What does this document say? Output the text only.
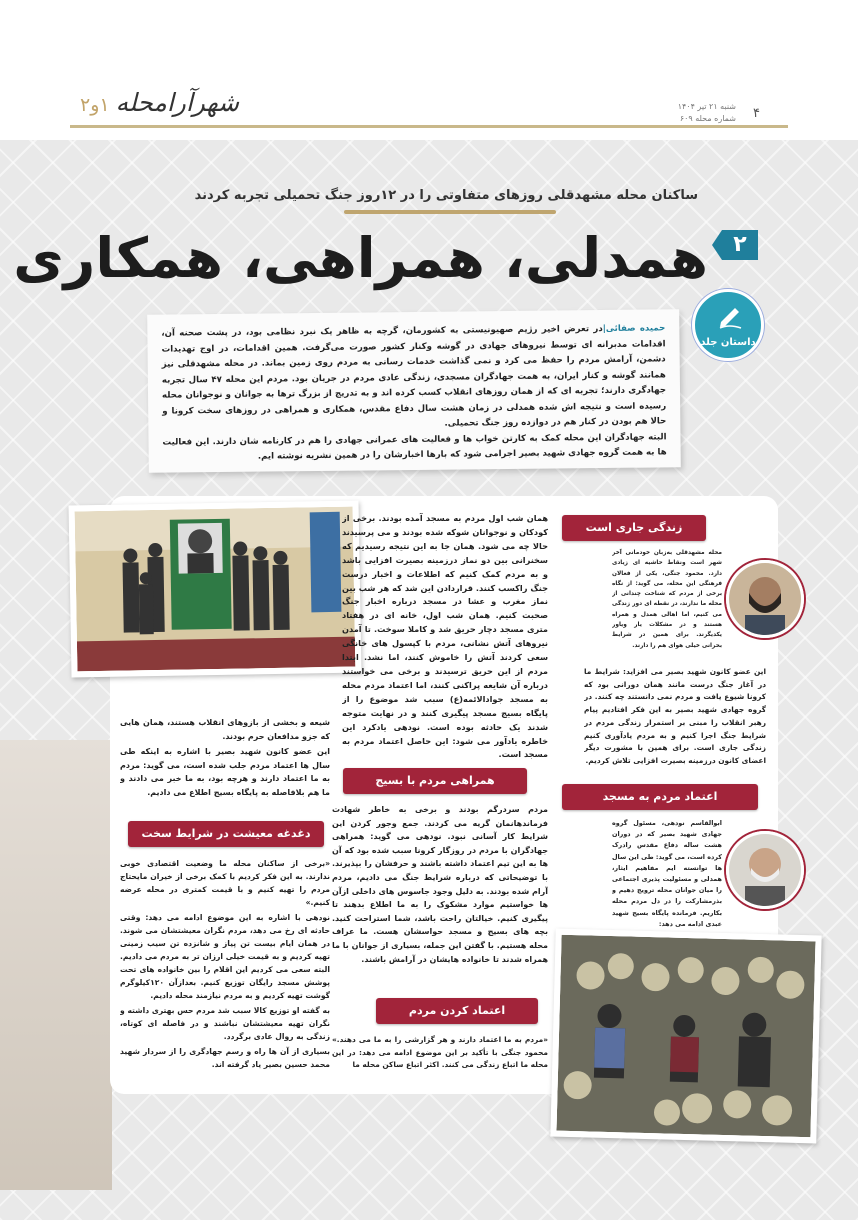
شهرآرامحله۱و۲	شنبه ۲۱ تیر ۱۴۰۴
شماره محله ۶۰۹ ۴
ساکنان محله مشهدقلی روزهای متفاوتی را در ۱۲روز جنگ تحمیلی تجربه کردند
۲
همدلی، همراهی، همکاری
داستان جلد

حمیده صفائی|در تعرض اخیر رژیم صهیونیستی به کشورمان، گرچه به ظاهر یک نبرد نظامی بود، در پشت صحنه آن، اقدامات مدبرانه ای توسط نیروهای جهادی در گوشه وکنار کشور صورت می‌گرفت. همین اقدامات، در اوج تهدیدات دشمن، آرامش مردم را حفظ می کرد و نمی گذاشت خدمات رسانی به مردم روی زمین بماند. در محله مشهدقلی نیز همانند گوشه و کنار ایران، به همت جهادگران مسجدی، زندگی عادی مردم در جریان بود. مردم این محله ۴۷ سال تجربه جهادگری دارند؛ تجربه ای که از همان روزهای انقلاب کسب کرده اند و به تدریج از بزرگ ترها به جوانان و نوجوانان محله رسیده است و نتیجه اش شده همدلی در زمان هشت سال دفاع مقدس، همکاری و همراهی در روزهای سخت کرونا و حالا هم بودن در کنار هم در دوازده روز جنگ تحمیلی.

البته جهادگران این محله کمک به کارتن خواب ها و فعالیت های عمرانی جهادی را هم در کارنامه شان دارند. این فعالیت ها به همت گروه جهادی شهید بصیر اجرامی شود که بارها اخبارشان را در همین نشریه نوشته ایم.

زندگی جاری است

محله مشهدقلی به‌زبان خودمانی آخر شهر است ونقاط حاشیه ای زیادی دارد. محمود جنگی، یکی از فعالان فرهنگی این محله، می گوید: از نگاه برخی از مردم که شناخت چندانی از محله ما ندارند، در نقطه ای دور زندگی می کنیم، اما اهالی همدل و همراه هستند و در مشکلات یار ویاور یکدیگرند. برای همین در شرایط بحرانی خیلی هوای هم را دارند.

این عضو کانون شهید بصیر می افزاید: شرایط ما در آغاز جنگ درست مانند همان دورانی بود که کرونا شیوع یافت و مردم نمی دانستند چه کنند. در گروه جهادی شهید بصیر به این فکر افتادیم پیام رهبر انقلاب را مبنی بر استمرار زندگی مردم در شرایط جنگ اجرا کنیم و به مردم یادآوری کنیم زندگی جاری است. برای همین با مشورت دیگر اعضای کانون درزمینه بصیرت افزایی تلاش کردیم.

اعتماد مردم به مسجد

ابوالقاسم نودهی، مسئول گروه جهادی شهید بصیر که در دوران هشت ساله دفاع مقدس رادرک کرده است، می گوید: طی این سال ها توانسته ایم مفاهیم ایثار، همدلی و مسئولیت پذیری اجتماعی را میان جوانان محله ترویج دهیم و بذرمشارکت را در دل مردم محله بکاریم. فرمانده پایگاه بسیج شهید عبدی ادامه می دهد:

همان شب اول مردم به مسجد آمده بودند. برخی از کودکان و نوجوانان شوکه شده بودند و می پرسیدند حالا چه می شود. همان جا به این نتیجه رسیدیم که سخنرانی بین دو نماز درزمینه بصیرت افزایی باشد و به مردم کمک کنیم که اطلاعات و اخبار درست جنگ راکسب کنند. قراردادن این شد که هر شب بین نماز مغرب و عشا در مسجد درباره اخبار جنگ صحبت کنیم. همان شب اول، خانه ای در هفتاد متری مسجد دچار حریق شد و کاملا سوخت. تا آمدن نیروهای آتش نشانی، مردم با کپسول های خانگی سعی کردند آتش را خاموش کنند، اما نشد. ابتدا مردم از این حریق ترسیدند و برخی می خواستند درباره آن شایعه پراکنی کنند، اما اعتماد مردم محله به مسجد جوادالائمه(ع) سبب شد موضوع را از پایگاه بسیج مسجد پیگیری کنند و در نهایت متوجه شدند یک حادثه بوده است. نودهی یادکرد این خاطره یادآور می شود: این حاصل اعتماد مردم به مسجد است.

همراهی مردم با بسیج

مردم سردرگم بودند و برخی به خاطر شهادت فرماندهانمان گریه می کردند. جمع وجور کردن این شرایط کار آسانی نبود. نودهی می گوید: همراهی جهادگران با مردم در روزگار کرونا سبب شده بود که آن ها به این تیم اعتماد داشته باشند و حرفشان را بپذیرند. با توضیحاتی که درباره شرایط جنگ می دادیم، مردم آرام شده بودند. به دلیل وجود جاسوس های داخلی ازآن ها خواستیم موارد مشکوک را به ما اطلاع بدهند تا پیگیری کنیم. خیالتان راحت باشد، شما استراحت کنید. بچه های بسیج و مسجد حواسشان هست. ما عراف محله هستیم. با گفتن این جمله، بسیاری از جوانان با ما همراه شدند تا خانواده هایشان در آرامش باشند.

اعتماد کردن مردم

«مردم به ما اعتماد دارند و هر گزارشی را به ما می دهند.» محمود جنگی با تأکید بر این موضوع ادامه می دهد: در این محله ما اتباع زندگی می کنند. اکثر اتباع ساکن محله ما

شیعه و بخشی از بازوهای انقلاب هستند، همان هایی که جزو مدافعان حرم بودند.

این عضو کانون شهید بصیر با اشاره به اینکه طی سال ها اعتماد مردم جلب شده است، می گوید: مردم به ما اعتماد دارند و هرچه بود، به ما خبر می دادند و ما هم بلافاصله به پایگاه بسیج اطلاع می دادیم.

دغدغه معیشت در شرایط سخت

«برخی از ساکنان محله ما وضعیت اقتصادی خوبی ندارند. به این فکر کردیم با کمک برخی از خیران مایحتاج مردم را تهیه کنیم و با قیمت کمتری در محله عرضه کنیم.»

نودهی با اشاره به این موضوع ادامه می دهد: وقتی حادثه ای رخ می دهد، مردم نگران معیشتشان می شوند. در همان ایام بیست تن پیاز و شانزده تن سیب زمینی تهیه کردیم و به قیمت خیلی ارزان تر به مردم می دادیم. البته سعی می کردیم این اقلام را بین خانواده های تحت پوشش مسجد رایگان توزیع کنیم. بعدازآن ۱۲۰کیلوگرم گوشت تهیه کردیم و به مردم نیازمند محله دادیم.

به گفته او توزیع کالا سبب شد مردم حس بهتری داشته و نگران تهیه معیشتشان نباشند و در فاصله ای کوتاه، زندگی به روال عادی برگردد.

بسیاری از آن ها راه و رسم جهادگری را از سردار شهید محمد حسین بصیر یاد گرفته اند.
